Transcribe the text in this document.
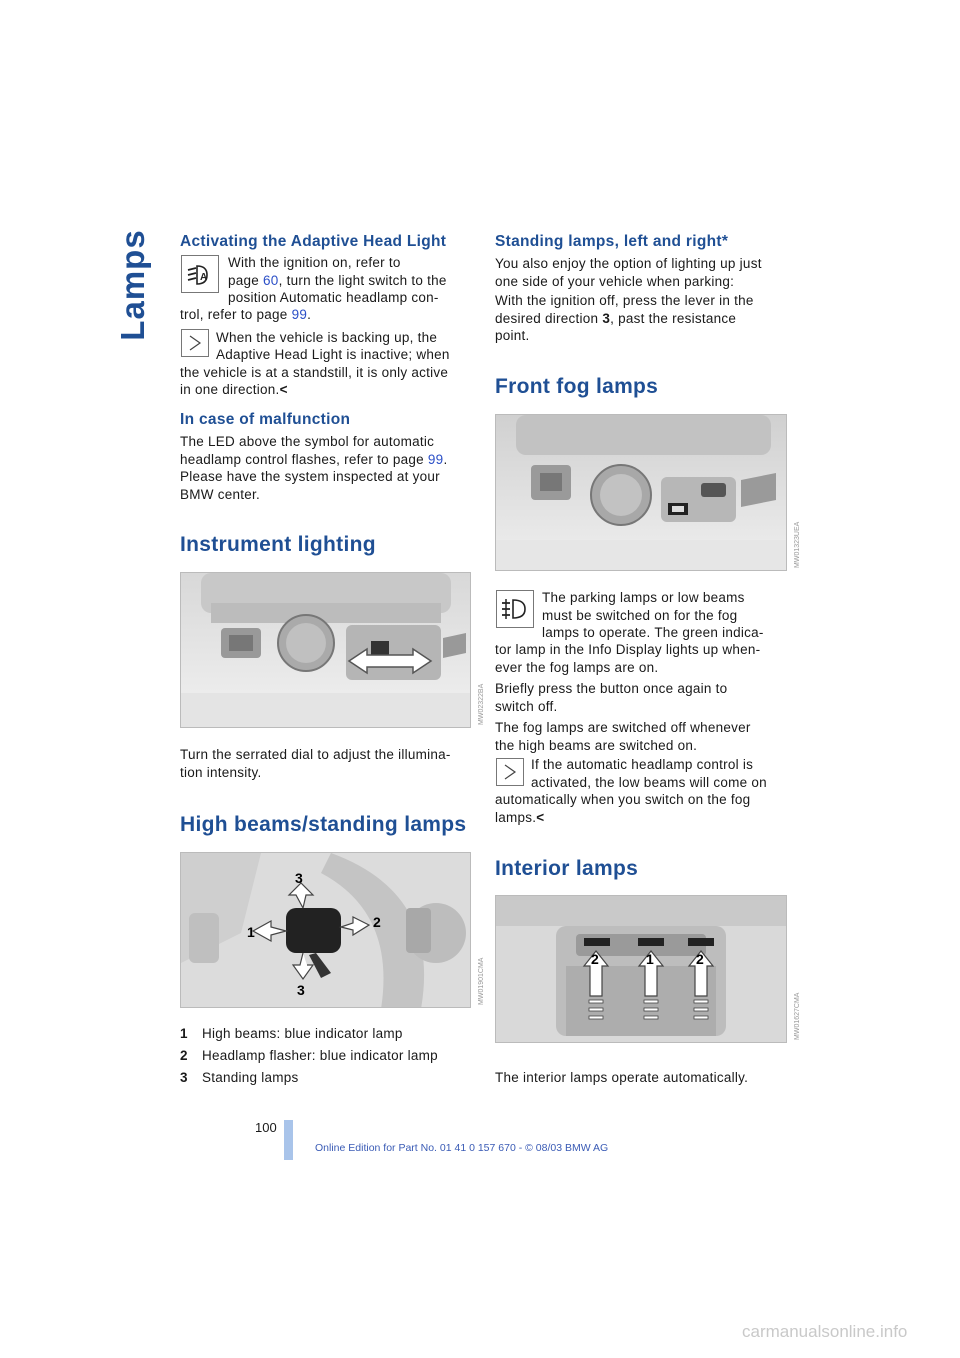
Lamps Activating the Adaptive Head Light
A
With the ignition on, refer to
page 60, turn the light switch to the
position Automatic headlamp con-
trol, refer to page 99.
When the vehicle is backing up, the
Adaptive Head Light is inactive; when
the vehicle is at a standstill, it is only active
in one direction.<
In case of malfunction
The LED above the symbol for automatic
headlamp control flashes, refer to page 99.
Please have the system inspected at your
BMW center.
Instrument lighting
MW02322BA
Turn the serrated dial to adjust the illumina-
tion intensity.
High beams/standing lamps
3
1
2
3	MW01901CMA
1 High beams: blue indicator lamp
2 Headlamp flasher: blue indicator lamp
3 Standing lamps
Standing lamps, left and right*
You also enjoy the option of lighting up just
one side of your vehicle when parking:
With the ignition off, press the lever in the
desired direction 3, past the resistance
point.
Front fog lamps
MW01323UEA
The parking lamps or low beams
must be switched on for the fog
lamps to operate. The green indica-
tor lamp in the Info Display lights up when-
ever the fog lamps are on.
Briefly press the button once again to
switch off.
The fog lamps are switched off whenever
the high beams are switched on.
If the automatic headlamp control is
activated, the low beams will come on
automatically when you switch on the fog
lamps.<
Interior lamps
2	1	2
MW01627CMA
The interior lamps operate automatically.
100
Online Edition for Part No. 01 41 0 157 670 - © 08/03 BMW AG
carmanualsonline.info
